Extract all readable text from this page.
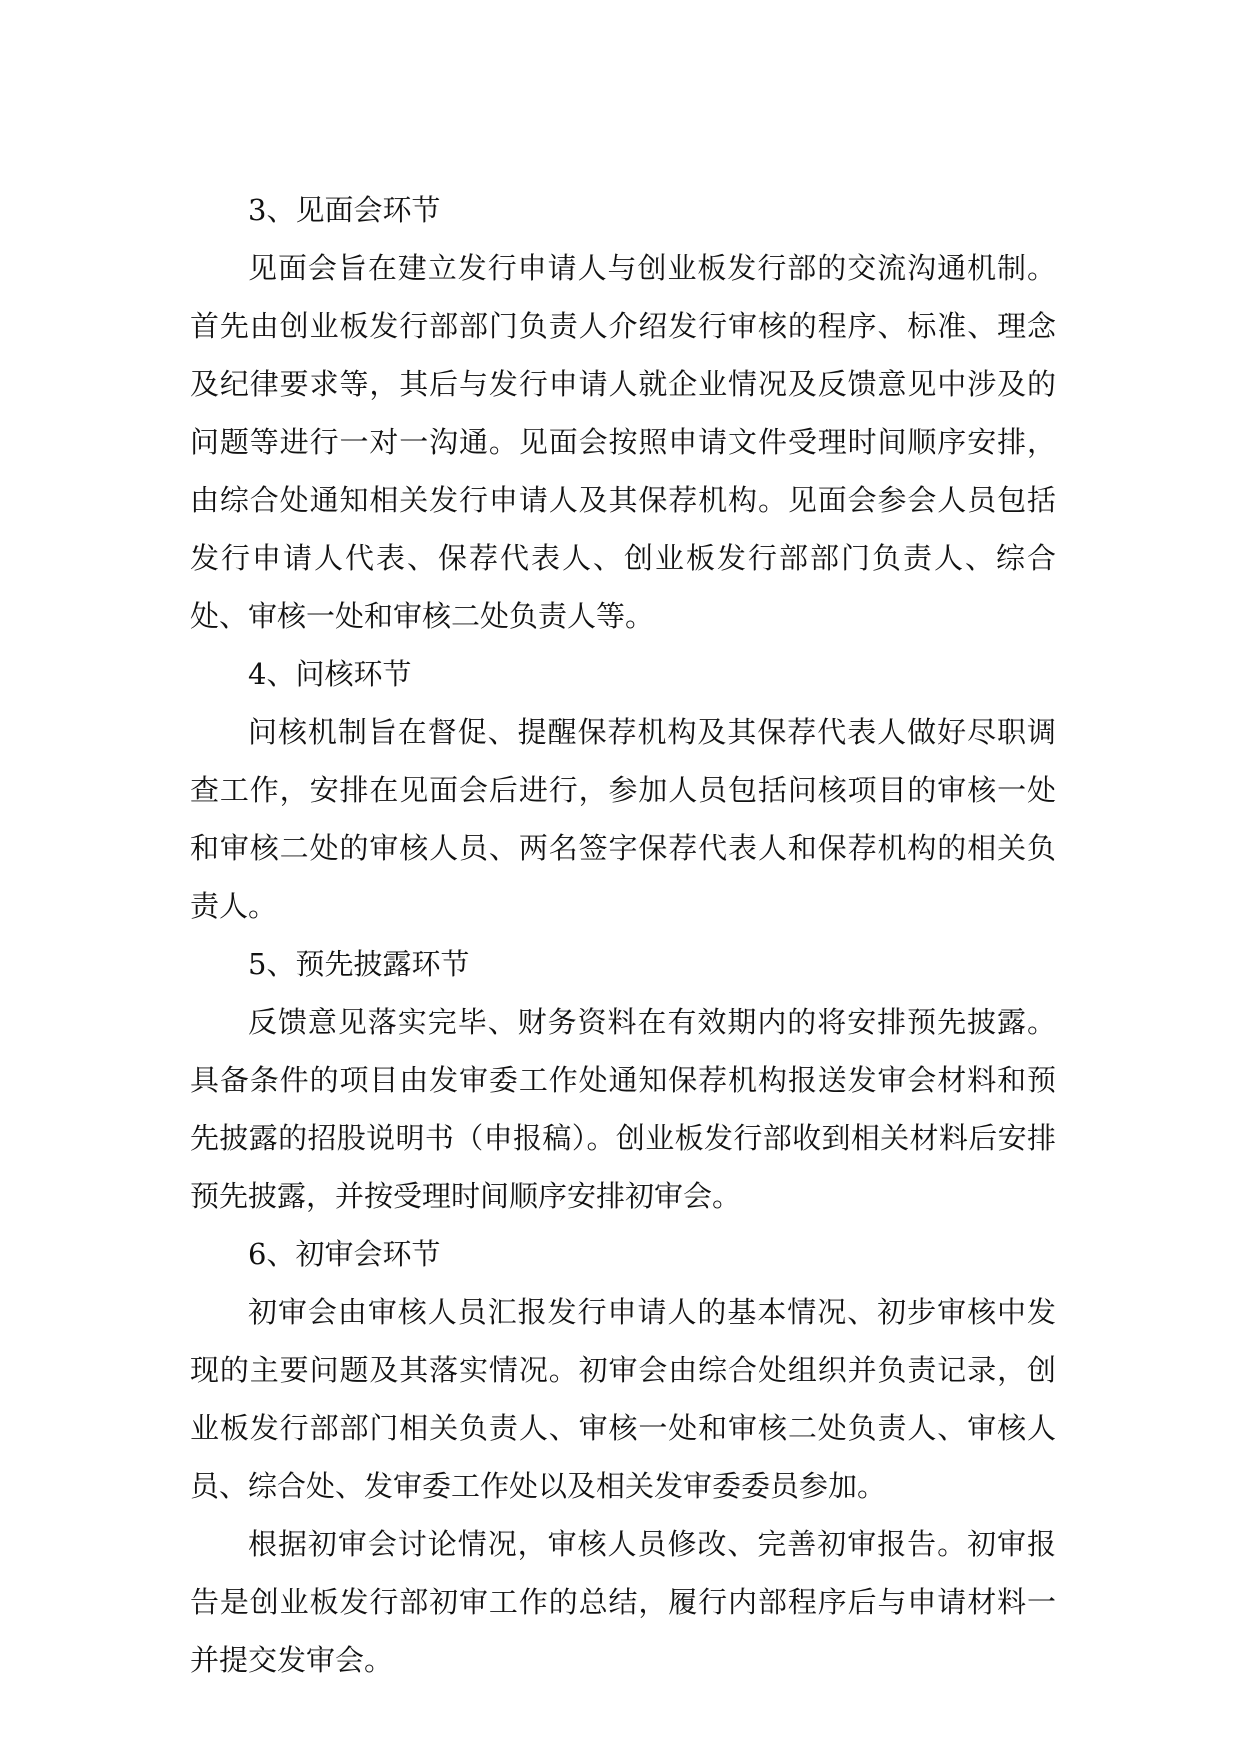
3、见面会环节

见面会旨在建立发行申请人与创业板发行部的交流沟通机制。首先由创业板发行部部门负责人介绍发行审核的程序、标准、理念及纪律要求等，其后与发行申请人就企业情况及反馈意见中涉及的问题等进行一对一沟通。见面会按照申请文件受理时间顺序安排，由综合处通知相关发行申请人及其保荐机构。见面会参会人员包括发行申请人代表、保荐代表人、创业板发行部部门负责人、综合处、审核一处和审核二处负责人等。

4、问核环节

问核机制旨在督促、提醒保荐机构及其保荐代表人做好尽职调查工作，安排在见面会后进行，参加人员包括问核项目的审核一处和审核二处的审核人员、两名签字保荐代表人和保荐机构的相关负责人。

5、预先披露环节

反馈意见落实完毕、财务资料在有效期内的将安排预先披露。具备条件的项目由发审委工作处通知保荐机构报送发审会材料和预先披露的招股说明书（申报稿）。创业板发行部收到相关材料后安排预先披露，并按受理时间顺序安排初审会。

6、初审会环节

初审会由审核人员汇报发行申请人的基本情况、初步审核中发现的主要问题及其落实情况。初审会由综合处组织并负责记录，创业板发行部部门相关负责人、审核一处和审核二处负责人、审核人员、综合处、发审委工作处以及相关发审委委员参加。

根据初审会讨论情况，审核人员修改、完善初审报告。初审报告是创业板发行部初审工作的总结，履行内部程序后与申请材料一并提交发审会。
